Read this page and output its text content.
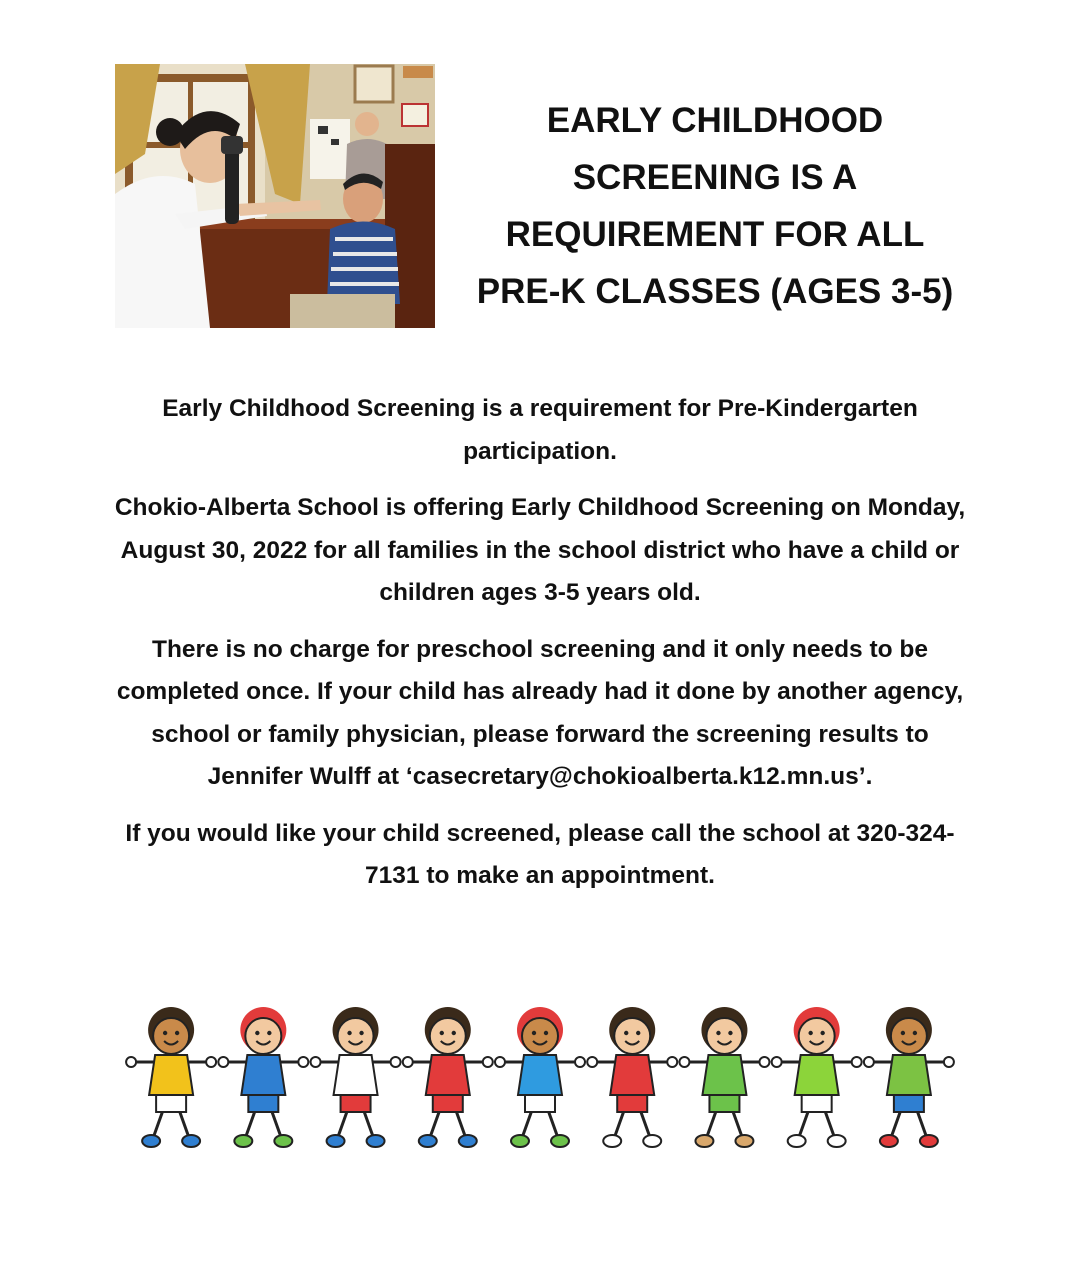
EARLY CHILDHOOD
SCREENING IS A
REQUIREMENT FOR ALL
PRE-K CLASSES (AGES 3-5)

Early Childhood Screening is a requirement for Pre-Kindergarten participation.

Chokio-Alberta School is offering Early Childhood Screening on Monday, August 30, 2022 for all families in the school district who have a child or children ages 3-5 years old.

There is no charge for preschool screening and it only needs to be completed once. If your child has already had it done by another agency, school or family physician, please forward the screening results to Jennifer Wulff at ‘casecretary@chokioalberta.k12.mn.us’.

If you would like your child screened, please call the school at 320-324-7131 to make an appointment.
